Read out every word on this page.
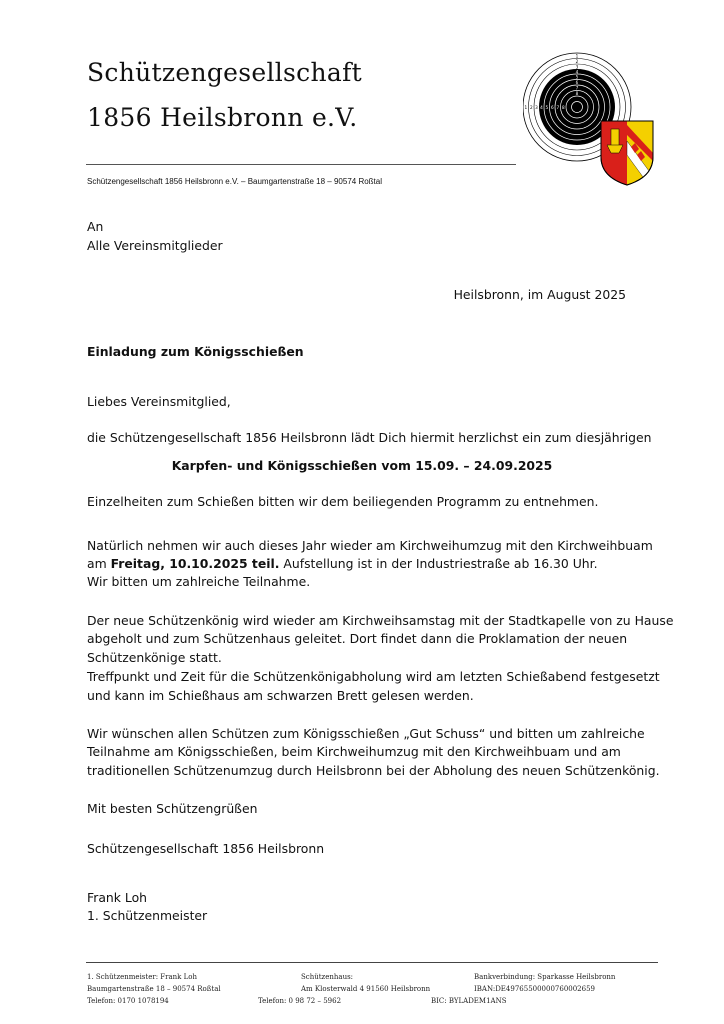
Schützengesellschaft
1856 Heilsbronn e.V.	1
1
2
2
3
3
4
4
5
5
6
6
7
7
8
8
Schützengesellschaft 1856 Heilsbronn e.V. – Baumgartenstraße 18 – 90574 Roßtal
An
Alle Vereinsmitglieder
Heilsbronn, im August 2025
Einladung zum Königsschießen
Liebes Vereinsmitglied,
die Schützengesellschaft 1856 Heilsbronn lädt Dich hiermit herzlichst ein zum diesjährigen
Karpfen- und Königsschießen vom 15.09. – 24.09.2025
Einzelheiten zum Schießen bitten wir dem beiliegenden Programm zu entnehmen.
Natürlich nehmen wir auch dieses Jahr wieder am Kirchweihumzug mit den Kirchweihbuam
am Freitag, 10.10.2025 teil. Aufstellung ist in der Industriestraße ab 16.30 Uhr.
Wir bitten um zahlreiche Teilnahme.
Der neue Schützenkönig wird wieder am Kirchweihsamstag mit der Stadtkapelle von zu Hause
abgeholt und zum Schützenhaus geleitet. Dort findet dann die Proklamation der neuen
Schützenkönige statt.
Treffpunkt und Zeit für die Schützenkönigabholung wird am letzten Schießabend festgesetzt
und kann im Schießhaus am schwarzen Brett gelesen werden.
Wir wünschen allen Schützen zum Königsschießen „Gut Schuss“ und bitten um zahlreiche
Teilnahme am Königsschießen, beim Kirchweihumzug mit den Kirchweihbuam und am
traditionellen Schützenumzug durch Heilsbronn bei der Abholung des neuen Schützenkönig.
Mit besten Schützengrüßen
Schützengesellschaft 1856 Heilsbronn
Frank Loh
1. Schützenmeister
1. Schützenmeister: Frank Loh
Baumgartenstraße 18 – 90574 Roßtal
Telefon: 0170 1078194
Schützenhaus:
Am Klosterwald 4 91560 Heilsbronn
Telefon: 0 98 72 – 5962
Bankverbindung: Sparkasse Heilsbronn
IBAN:DE49765500000760002659
BIC: BYLADEM1ANS
